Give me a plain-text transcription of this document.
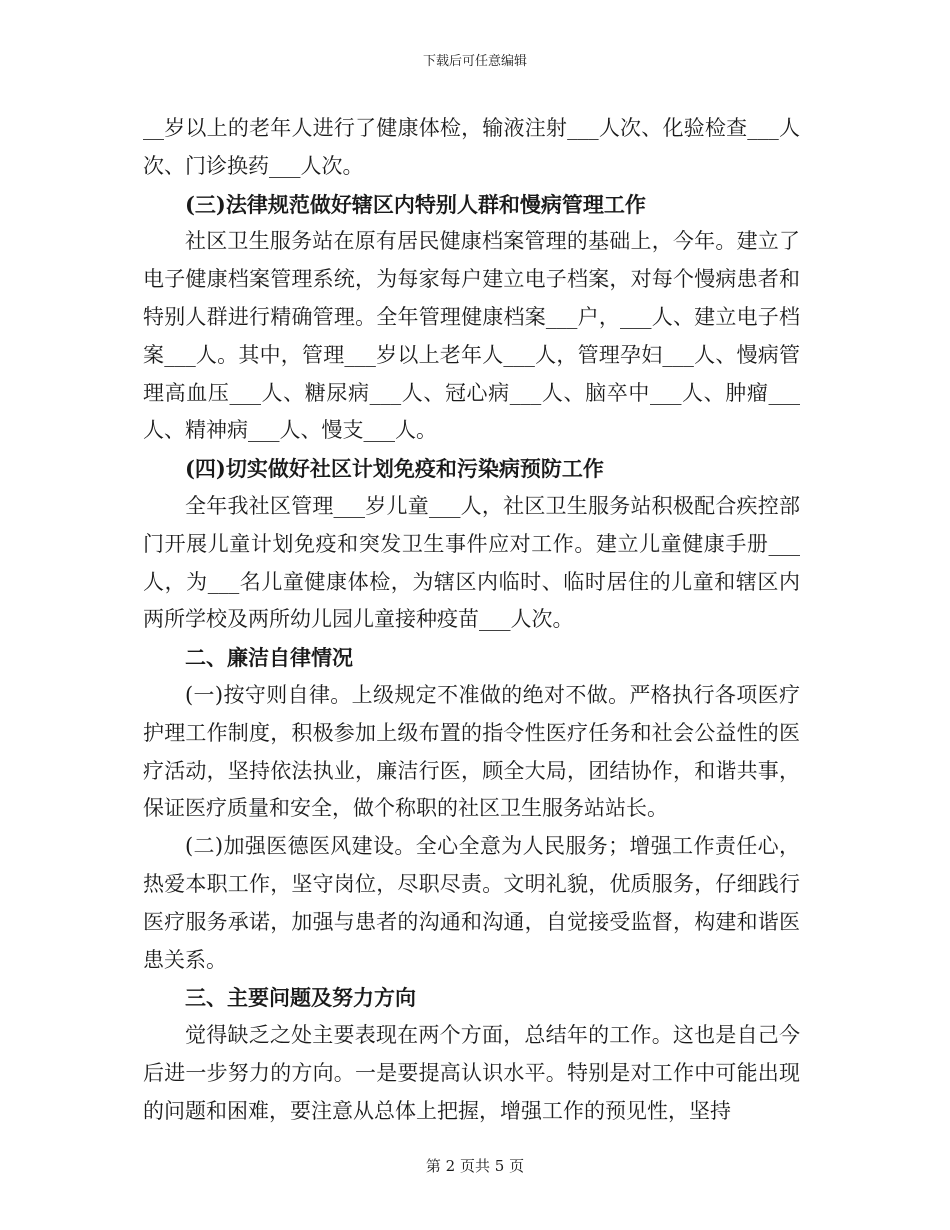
下载后可任意编辑

__岁以上的老年人进行了健康体检，输液注射___人次、化验检查___人次、门诊换药___人次。

(三)法律规范做好辖区内特别人群和慢病管理工作

社区卫生服务站在原有居民健康档案管理的基础上，今年。建立了电子健康档案管理系统，为每家每户建立电子档案，对每个慢病患者和特别人群进行精确管理。全年管理健康档案___户，___人、建立电子档案___人。其中，管理___岁以上老年人___人，管理孕妇___人、慢病管理高血压___人、糖尿病___人、冠心病___人、脑卒中___人、肿瘤___人、精神病___人、慢支___人。

(四)切实做好社区计划免疫和污染病预防工作

全年我社区管理___岁儿童___人，社区卫生服务站积极配合疾控部门开展儿童计划免疫和突发卫生事件应对工作。建立儿童健康手册___人，为___名儿童健康体检，为辖区内临时、临时居住的儿童和辖区内两所学校及两所幼儿园儿童接种疫苗___人次。

二、廉洁自律情况

(一)按守则自律。上级规定不准做的绝对不做。严格执行各项医疗护理工作制度，积极参加上级布置的指令性医疗任务和社会公益性的医疗活动，坚持依法执业，廉洁行医，顾全大局，团结协作，和谐共事，保证医疗质量和安全，做个称职的社区卫生服务站站长。

(二)加强医德医风建设。全心全意为人民服务；增强工作责任心，热爱本职工作，坚守岗位，尽职尽责。文明礼貌，优质服务，仔细践行医疗服务承诺，加强与患者的沟通和沟通，自觉接受监督，构建和谐医患关系。

三、主要问题及努力方向

觉得缺乏之处主要表现在两个方面，总结年的工作。这也是自己今后进一步努力的方向。一是要提高认识水平。特别是对工作中可能出现的问题和困难，要注意从总体上把握，增强工作的预见性，坚持

第 2 页共 5 页
